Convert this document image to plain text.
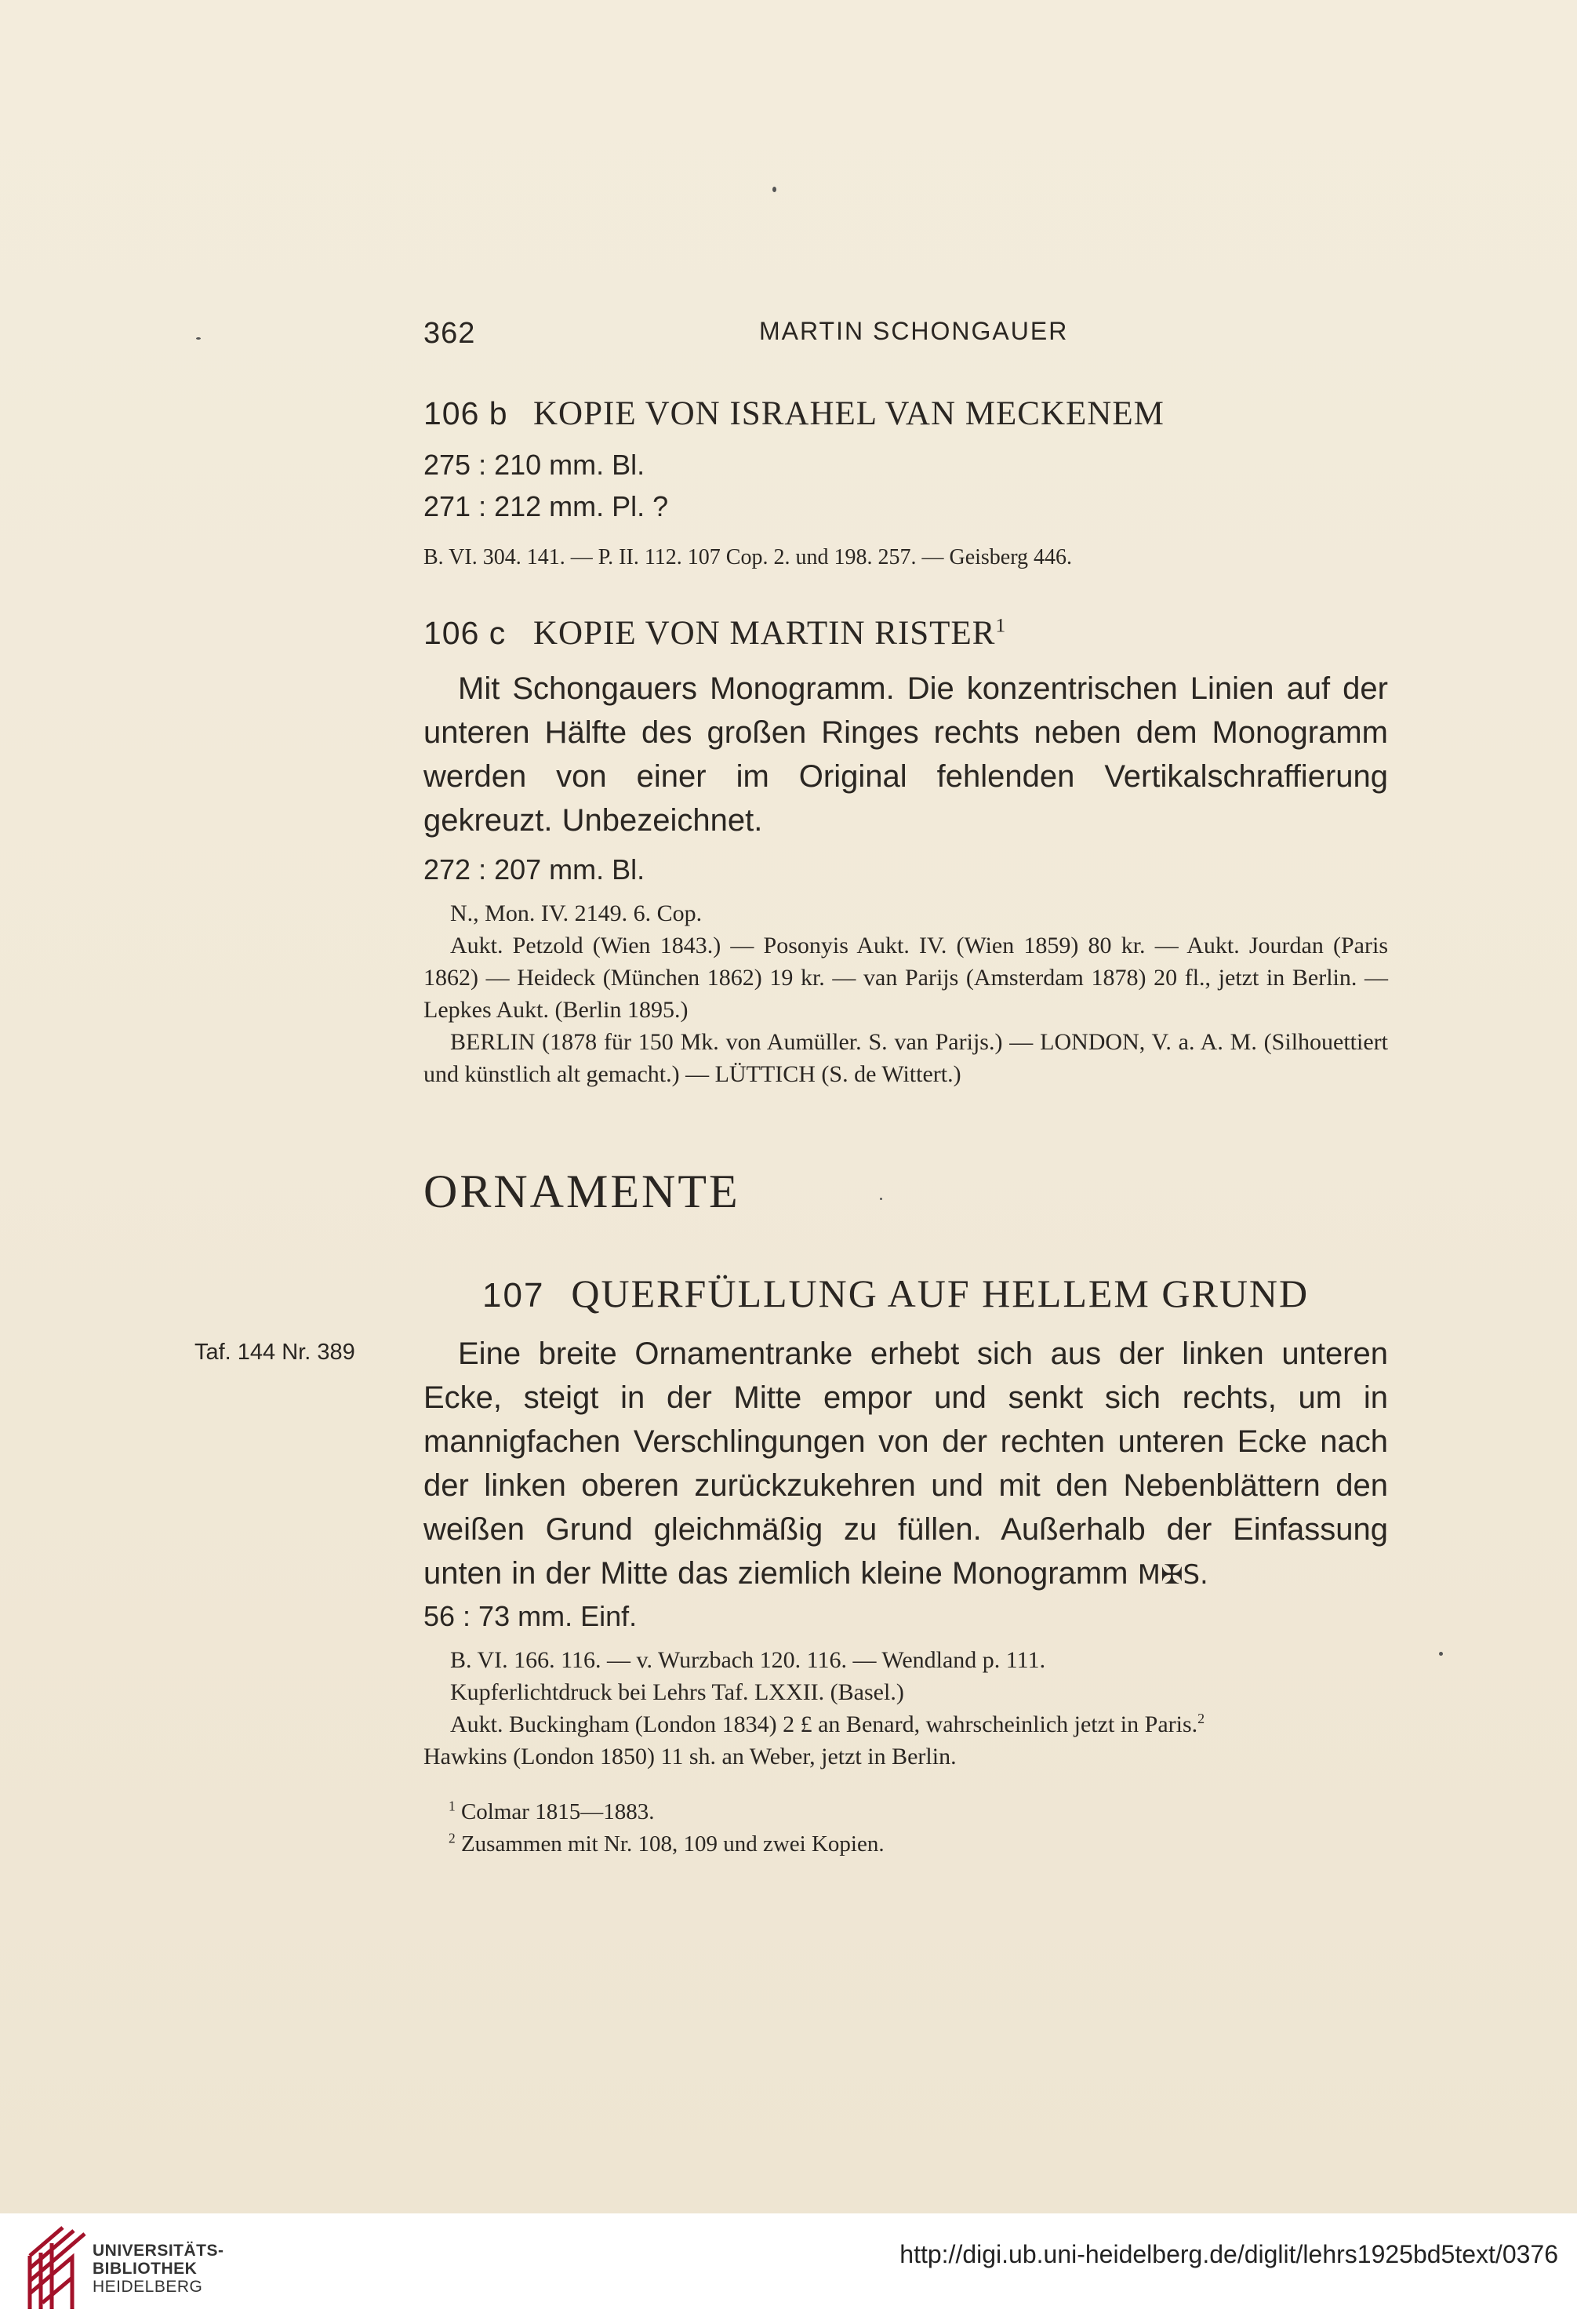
362	MARTIN SCHONGAUER
106 b KOPIE VON ISRAHEL VAN MECKENEM
275 : 210 mm. Bl.
271 : 212 mm. Pl. ?
B. VI. 304. 141. — P. II. 112. 107 Cop. 2. und 198. 257. — Geisberg 446.
106 c KOPIE VON MARTIN RISTER$^1$
Mit Schongauers Monogramm. Die konzentrischen Linien auf der unteren Hälfte des großen Ringes rechts neben dem Monogramm werden von einer im Original fehlenden Vertikalschraffierung gekreuzt. Unbezeichnet.
272 : 207 mm. Bl.
N., Mon. IV. 2149. 6. Cop.
Aukt. Petzold (Wien 1843.) — Posonyis Aukt. IV. (Wien 1859) 80 kr. — Aukt. Jourdan (Paris 1862) — Heideck (München 1862) 19 kr. — van Parijs (Amsterdam 1878) 20 fl., jetzt in Berlin. — Lepkes Aukt. (Berlin 1895.)
BERLIN (1878 für 150 Mk. von Aumüller. S. van Parijs.) — LONDON, V. a. A. M. (Silhouettiert und künstlich alt gemacht.) — LÜTTICH (S. de Wittert.)
ORNAMENTE
107 QUERFÜLLUNG AUF HELLEM GRUND
Taf. 144 Nr. 389	Eine breite Ornamentranke erhebt sich aus der linken unteren Ecke, steigt in der Mitte empor und senkt sich rechts, um in mannigfachen Verschlingungen von der rechten unteren Ecke nach der linken oberen zurückzukehren und mit den Nebenblättern den weißen Grund gleichmäßig zu füllen. Außerhalb der Einfassung unten in der Mitte das ziemlich kleine Monogramm M✠S.
56 : 73 mm. Einf.
B. VI. 166. 116. — v. Wurzbach 120. 116. — Wendland p. 111.
Kupferlichtdruck bei Lehrs Taf. LXXII. (Basel.)
Aukt. Buckingham (London 1834) 2 £ an Benard, wahrscheinlich jetzt in Paris.$^2$
Hawkins (London 1850) 11 sh. an Weber, jetzt in Berlin.
$^1$ Colmar 1815—1883.
$^2$ Zusammen mit Nr. 108, 109 und zwei Kopien.
UNIVERSITÄTS-
BIBLIOTHEK
HEIDELBERG
http://digi.ub.uni-heidelberg.de/diglit/lehrs1925bd5text/0376
